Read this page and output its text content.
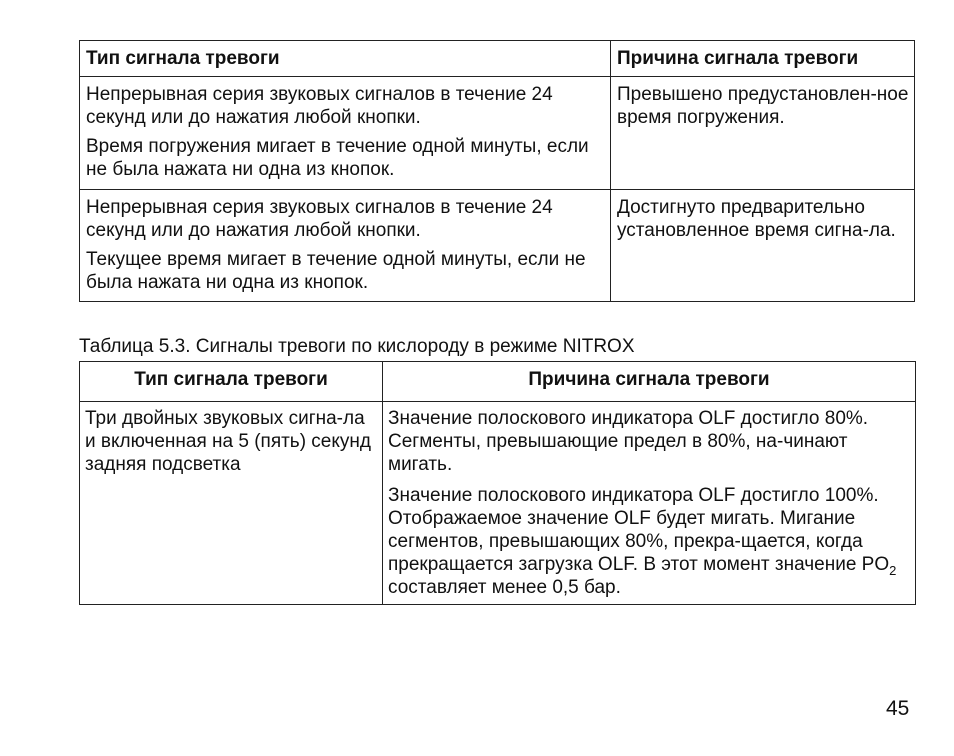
Тип сигнала тревоги	Причина сигнала тревоги

Непрерывная серия звуковых сигналов в течение 24 секунд или до нажатия любой кнопки.

Время погружения мигает в течение одной минуты, если не была нажата ни одна из кнопок.	Превышено предустановлен-ное время погружения.

Непрерывная серия звуковых сигналов в течение 24 секунд или до нажатия любой кнопки.

Текущее время мигает в течение одной минуты, если не была нажата ни одна из кнопок.	Достигнуто предварительно установленное время сигна-ла.

Таблица 5.3. Сигналы тревоги по кислороду в режиме NITROX

Тип сигнала тревоги	Причина сигнала тревоги

Три двойных звуковых сигна-ла и включенная на 5 (пять) секунд задняя подсветка	Значение полоскового индикатора OLF достигло 80%. Сегменты, превышающие предел в 80%, на-чинают мигать.

Значение полоскового индикатора OLF достигло 100%. Отображаемое значение OLF будет мигать. Мигание сегментов, превышающих 80%, прекра-щается, когда прекращается загрузка OLF. В этот момент значение $PO_2$ составляет менее 0,5 бар.

45
